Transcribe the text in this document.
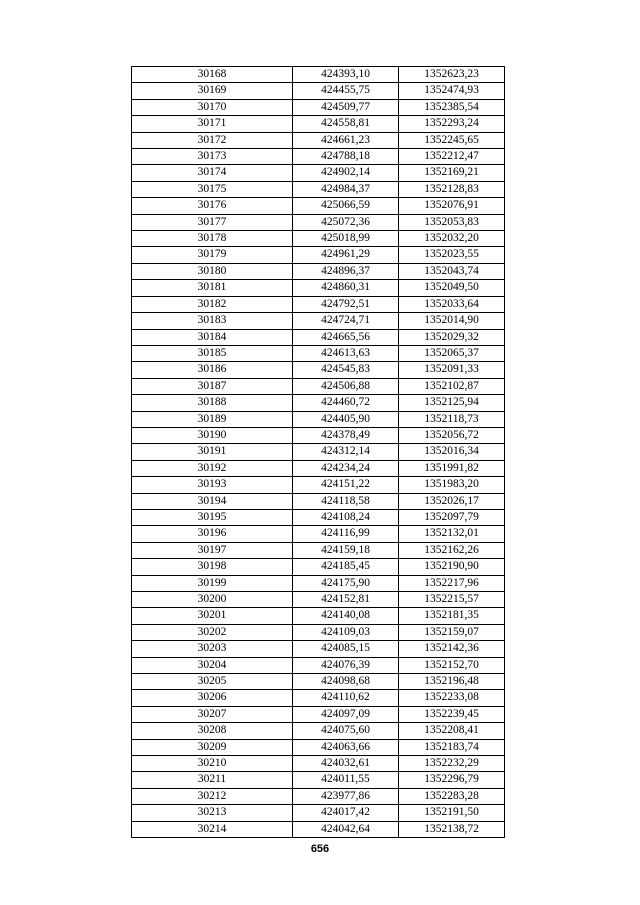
30168	424393,10	1352623,23
30169	424455,75	1352474,93
30170	424509,77	1352385,54
30171	424558,81	1352293,24
30172	424661,23	1352245,65
30173	424788,18	1352212,47
30174	424902,14	1352169,21
30175	424984,37	1352128,83
30176	425066,59	1352076,91
30177	425072,36	1352053,83
30178	425018,99	1352032,20
30179	424961,29	1352023,55
30180	424896,37	1352043,74
30181	424860,31	1352049,50
30182	424792,51	1352033,64
30183	424724,71	1352014,90
30184	424665,56	1352029,32
30185	424613,63	1352065,37
30186	424545,83	1352091,33
30187	424506,88	1352102,87
30188	424460,72	1352125,94
30189	424405,90	1352118,73
30190	424378,49	1352056,72
30191	424312,14	1352016,34
30192	424234,24	1351991,82
30193	424151,22	1351983,20
30194	424118,58	1352026,17
30195	424108,24	1352097,79
30196	424116,99	1352132,01
30197	424159,18	1352162,26
30198	424185,45	1352190,90
30199	424175,90	1352217,96
30200	424152,81	1352215,57
30201	424140,08	1352181,35
30202	424109,03	1352159,07
30203	424085,15	1352142,36
30204	424076,39	1352152,70
30205	424098,68	1352196,48
30206	424110,62	1352233,08
30207	424097,09	1352239,45
30208	424075,60	1352208,41
30209	424063,66	1352183,74
30210	424032,61	1352232,29
30211	424011,55	1352296,79
30212	423977,86	1352283,28
30213	424017,42	1352191,50
30214	424042,64	1352138,72
656
